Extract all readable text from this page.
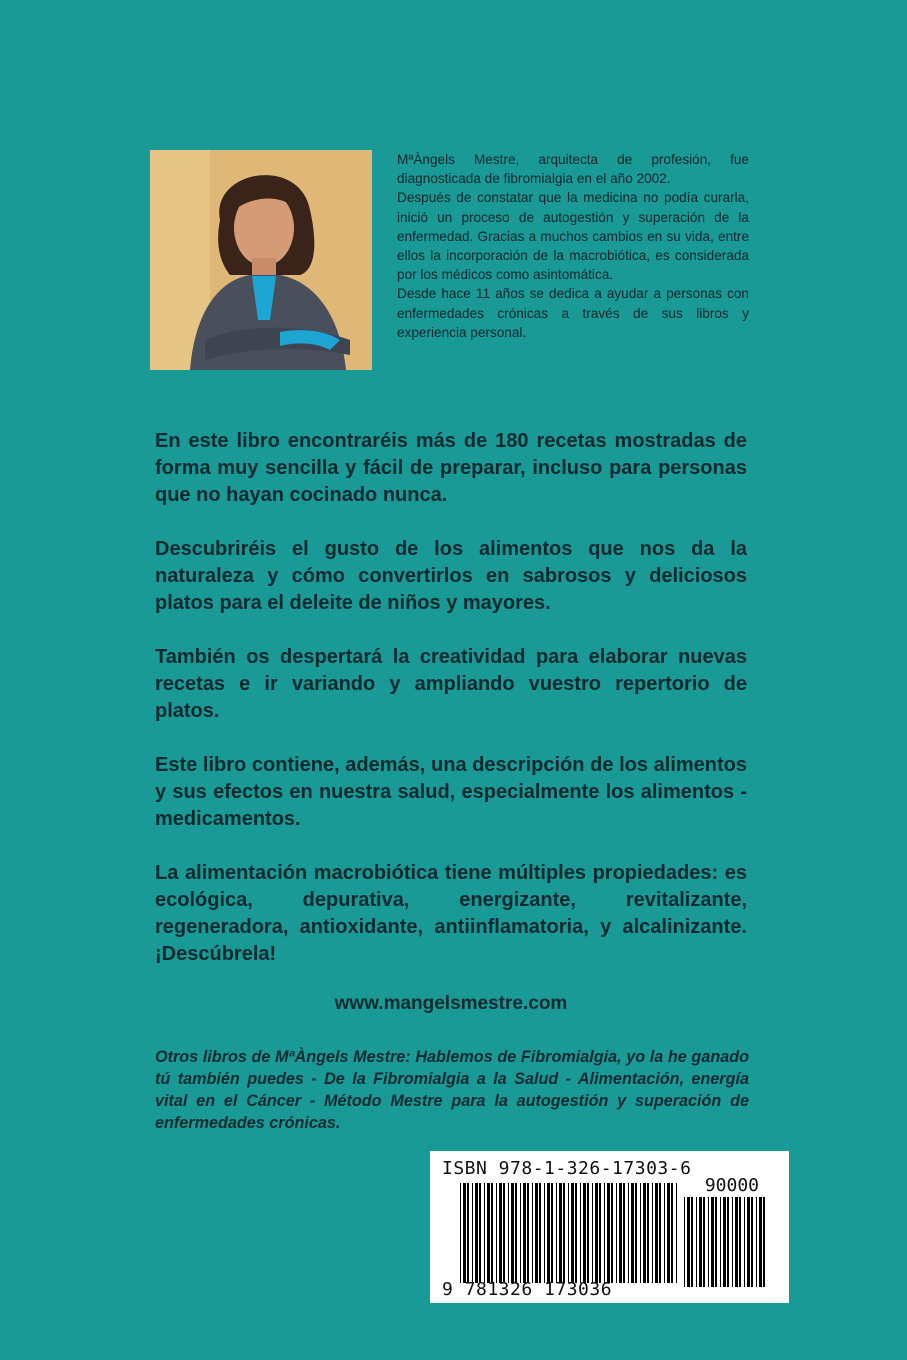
MªÀngels Mestre, arquitecta de profesión, fue diagnosticada de fibromialgia en el año 2002.

Después de constatar que la medicina no podía curarla, inició un proceso de autogestión y superación de la enfermedad. Gracias a muchos cambios en su vida, entre ellos la incorporación de la macrobiótica, es considerada por los médicos como asintomática.

Desde hace 11 años se dedica a ayudar a personas con enfermedades crónicas a través de sus libros y experiencia personal.

En este libro encontraréis más de 180 recetas mostradas de forma muy sencilla y fácil de preparar, incluso para personas que no hayan cocinado nunca.

Descubriréis el gusto de los alimentos que nos da la naturaleza y cómo convertirlos en sabrosos y deliciosos platos para el deleite de niños y mayores.

También os despertará la creatividad para elaborar nuevas recetas e ir variando y ampliando vuestro repertorio de platos.

Este libro contiene, además, una descripción de los alimentos y sus efectos en nuestra salud, especialmente los alimentos - medicamentos.

La alimentación macrobiótica tiene múltiples propiedades: es ecológica, depurativa, energizante, revitalizante, regeneradora, antioxidante, antiinflamatoria, y alcalinizante. ¡Descúbrela!

www.mangelsmestre.com
Otros libros de MªÀngels Mestre: Hablemos de Fibromialgia, yo la he ganado tú también puedes - De la Fibromialgia a la Salud - Alimentación, energía vital en el Cáncer - Método Mestre para la autogestión y superación de enfermedades crónicas.
ISBN 978-1-326-17303-6
90000
9 781326 173036
